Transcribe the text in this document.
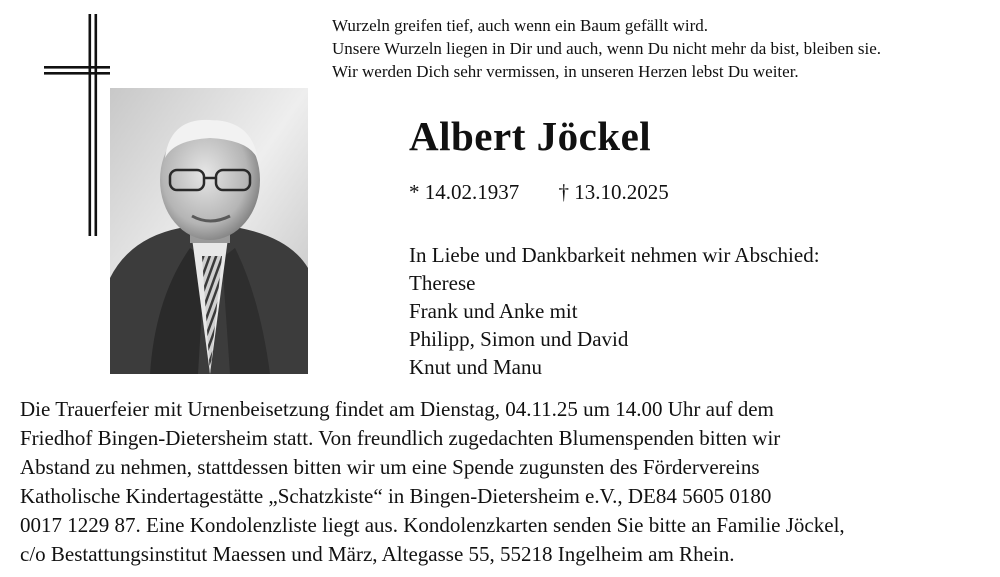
Wurzeln greifen tief, auch wenn ein Baum gefällt wird.
Unsere Wurzeln liegen in Dir und auch, wenn Du nicht mehr da bist, bleiben sie.
Wir werden Dich sehr vermissen, in unseren Herzen lebst Du weiter.
Albert Jöckel
* 14.02.1937 † 13.10.2025
In Liebe und Dankbarkeit nehmen wir Abschied:
Therese
Frank und Anke mit
Philipp, Simon und David
Knut und Manu
Die Trauerfeier mit Urnenbeisetzung findet am Dienstag, 04.11.25 um 14.00 Uhr auf dem
Friedhof Bingen-Dietersheim statt. Von freundlich zugedachten Blumenspenden bitten wir
Abstand zu nehmen, stattdessen bitten wir um eine Spende zugunsten des Fördervereins
Katholische Kindertagestätte „Schatzkiste“ in Bingen-Dietersheim e.V., DE84 5605 0180
0017 1229 87. Eine Kondolenzliste liegt aus. Kondolenzkarten senden Sie bitte an Familie Jöckel,
c/o Bestattungsinstitut Maessen und März, Altegasse 55, 55218 Ingelheim am Rhein.
